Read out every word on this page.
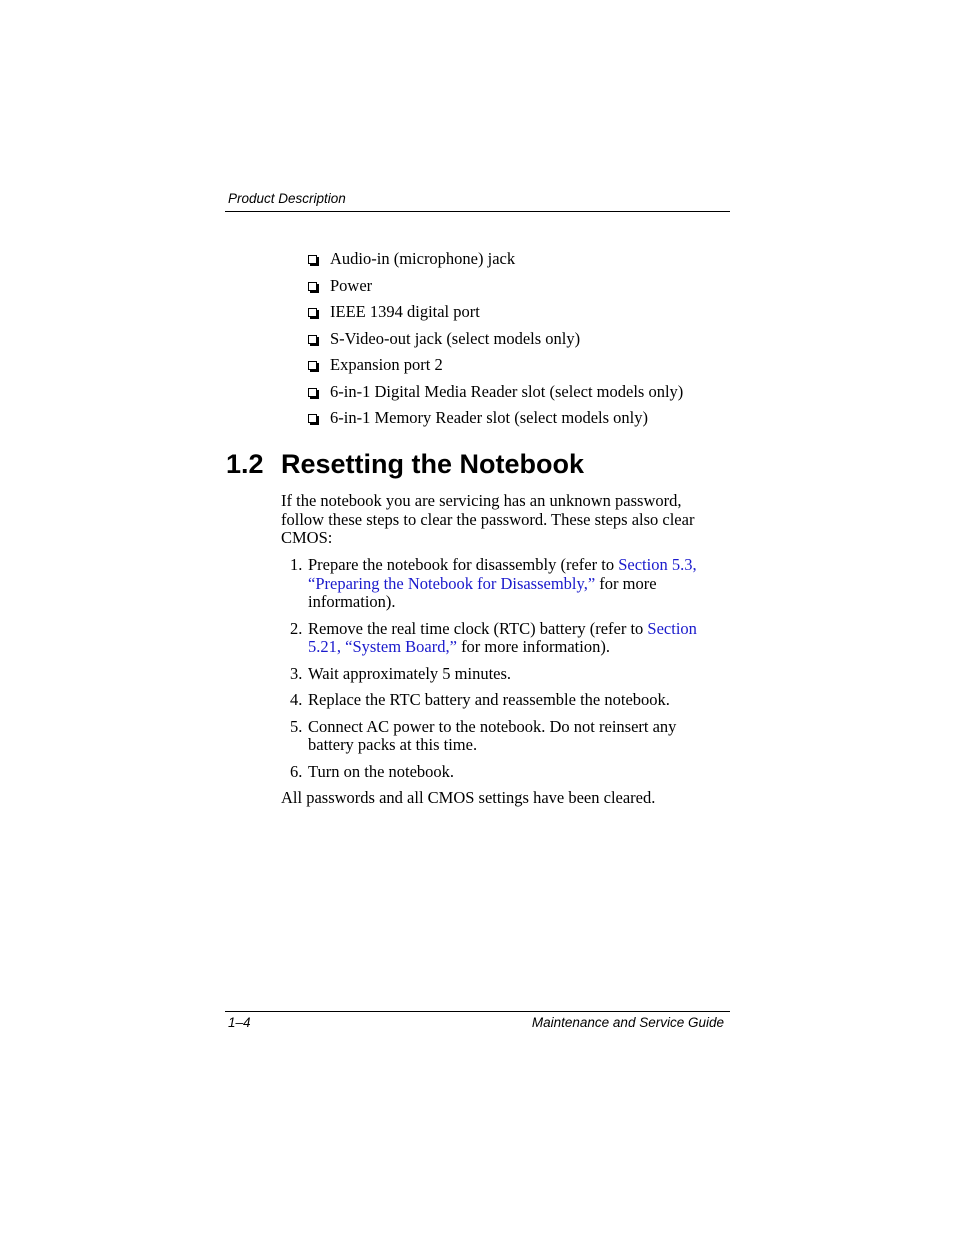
Product Description
Audio-in (microphone) jack
Power
IEEE 1394 digital port
S-Video-out jack (select models only)
Expansion port 2
6-in-1 Digital Media Reader slot (select models only)
6-in-1 Memory Reader slot (select models only)
1.2 Resetting the Notebook

If the notebook you are servicing has an unknown password, follow these steps to clear the password. These steps also clear CMOS:

1. Prepare the notebook for disassembly (refer to Section 5.3, “Preparing the Notebook for Disassembly,” for more information).
2. Remove the real time clock (RTC) battery (refer to Section 5.21, “System Board,” for more information).
3. Wait approximately 5 minutes.
4. Replace the RTC battery and reassemble the notebook.
5. Connect AC power to the notebook. Do not reinsert any battery packs at this time.
6. Turn on the notebook.

All passwords and all CMOS settings have been cleared.

1–4	Maintenance and Service Guide
